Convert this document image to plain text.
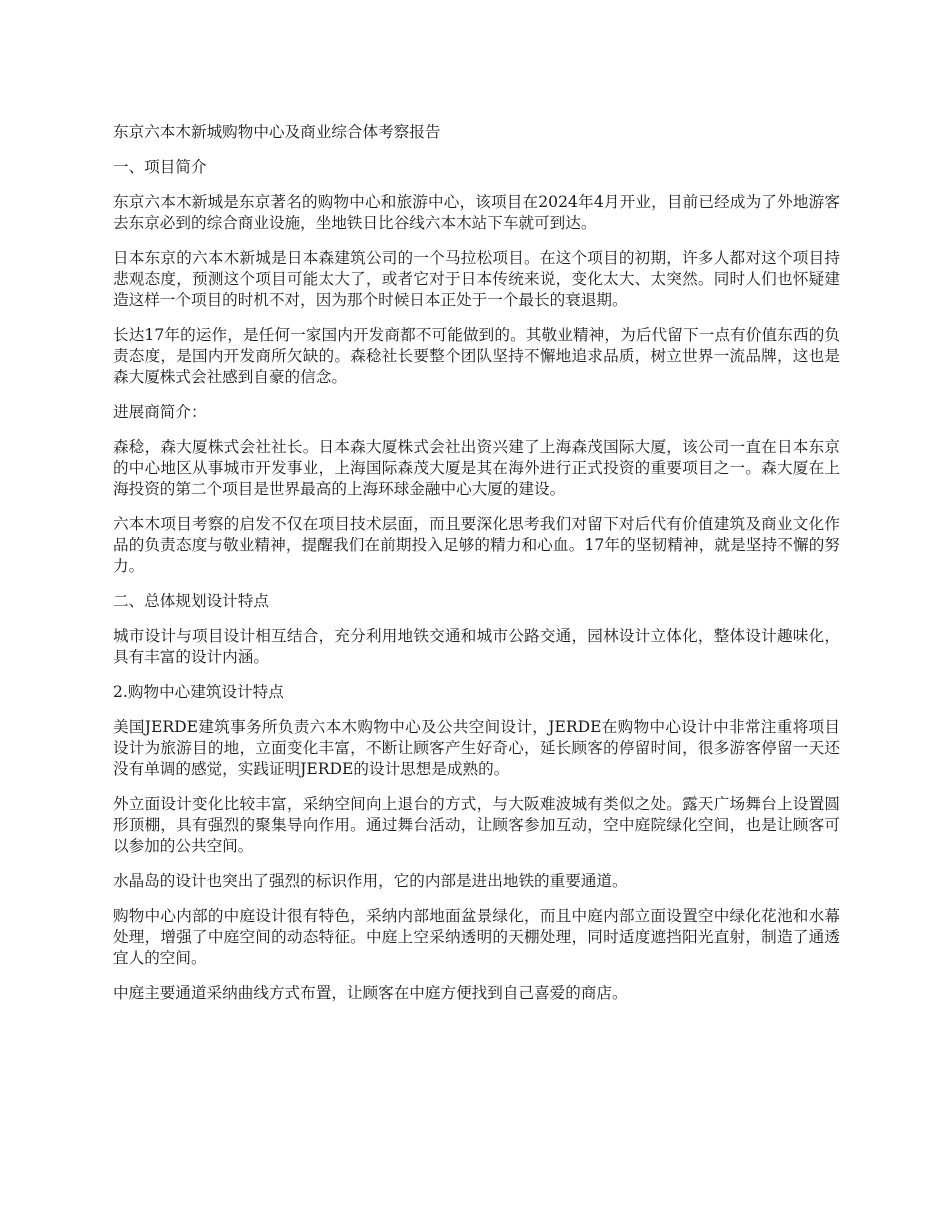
东京六本木新城购物中心及商业综合体考察报告

一、项目简介

东京六本木新城是东京著名的购物中心和旅游中心，该项目在2024年4月开业，目前已经成为了外地游客去东京必到的综合商业设施，坐地铁日比谷线六本木站下车就可到达。

日本东京的六本木新城是日本森建筑公司的一个马拉松项目。在这个项目的初期，许多人都对这个项目持悲观态度，预测这个项目可能太大了，或者它对于日本传统来说，变化太大、太突然。同时人们也怀疑建造这样一个项目的时机不对，因为那个时候日本正处于一个最长的衰退期。

长达17年的运作，是任何一家国内开发商都不可能做到的。其敬业精神，为后代留下一点有价值东西的负责态度，是国内开发商所欠缺的。森稔社长要整个团队坚持不懈地追求品质，树立世界一流品牌，这也是森大厦株式会社感到自豪的信念。

进展商简介：

森稔，森大厦株式会社社长。日本森大厦株式会社出资兴建了上海森茂国际大厦，该公司一直在日本东京的中心地区从事城市开发事业，上海国际森茂大厦是其在海外进行正式投资的重要项目之一。森大厦在上海投资的第二个项目是世界最高的上海环球金融中心大厦的建设。

六本木项目考察的启发不仅在项目技术层面，而且要深化思考我们对留下对后代有价值建筑及商业文化作品的负责态度与敬业精神，提醒我们在前期投入足够的精力和心血。17年的坚韧精神，就是坚持不懈的努力。

二、总体规划设计特点

城市设计与项目设计相互结合，充分利用地铁交通和城市公路交通，园林设计立体化，整体设计趣味化，具有丰富的设计内涵。

2.购物中心建筑设计特点

美国JERDE建筑事务所负责六本木购物中心及公共空间设计，JERDE在购物中心设计中非常注重将项目设计为旅游目的地，立面变化丰富，不断让顾客产生好奇心，延长顾客的停留时间，很多游客停留一天还没有单调的感觉，实践证明JERDE的设计思想是成熟的。

外立面设计变化比较丰富，采纳空间向上退台的方式，与大阪难波城有类似之处。露天广场舞台上设置圆形顶棚，具有强烈的聚集导向作用。通过舞台活动，让顾客参加互动，空中庭院绿化空间，也是让顾客可以参加的公共空间。

水晶岛的设计也突出了强烈的标识作用，它的内部是进出地铁的重要通道。

购物中心内部的中庭设计很有特色，采纳内部地面盆景绿化，而且中庭内部立面设置空中绿化花池和水幕处理，增强了中庭空间的动态特征。中庭上空采纳透明的天棚处理，同时适度遮挡阳光直射，制造了通透宜人的空间。

中庭主要通道采纳曲线方式布置，让顾客在中庭方便找到自己喜爱的商店。
